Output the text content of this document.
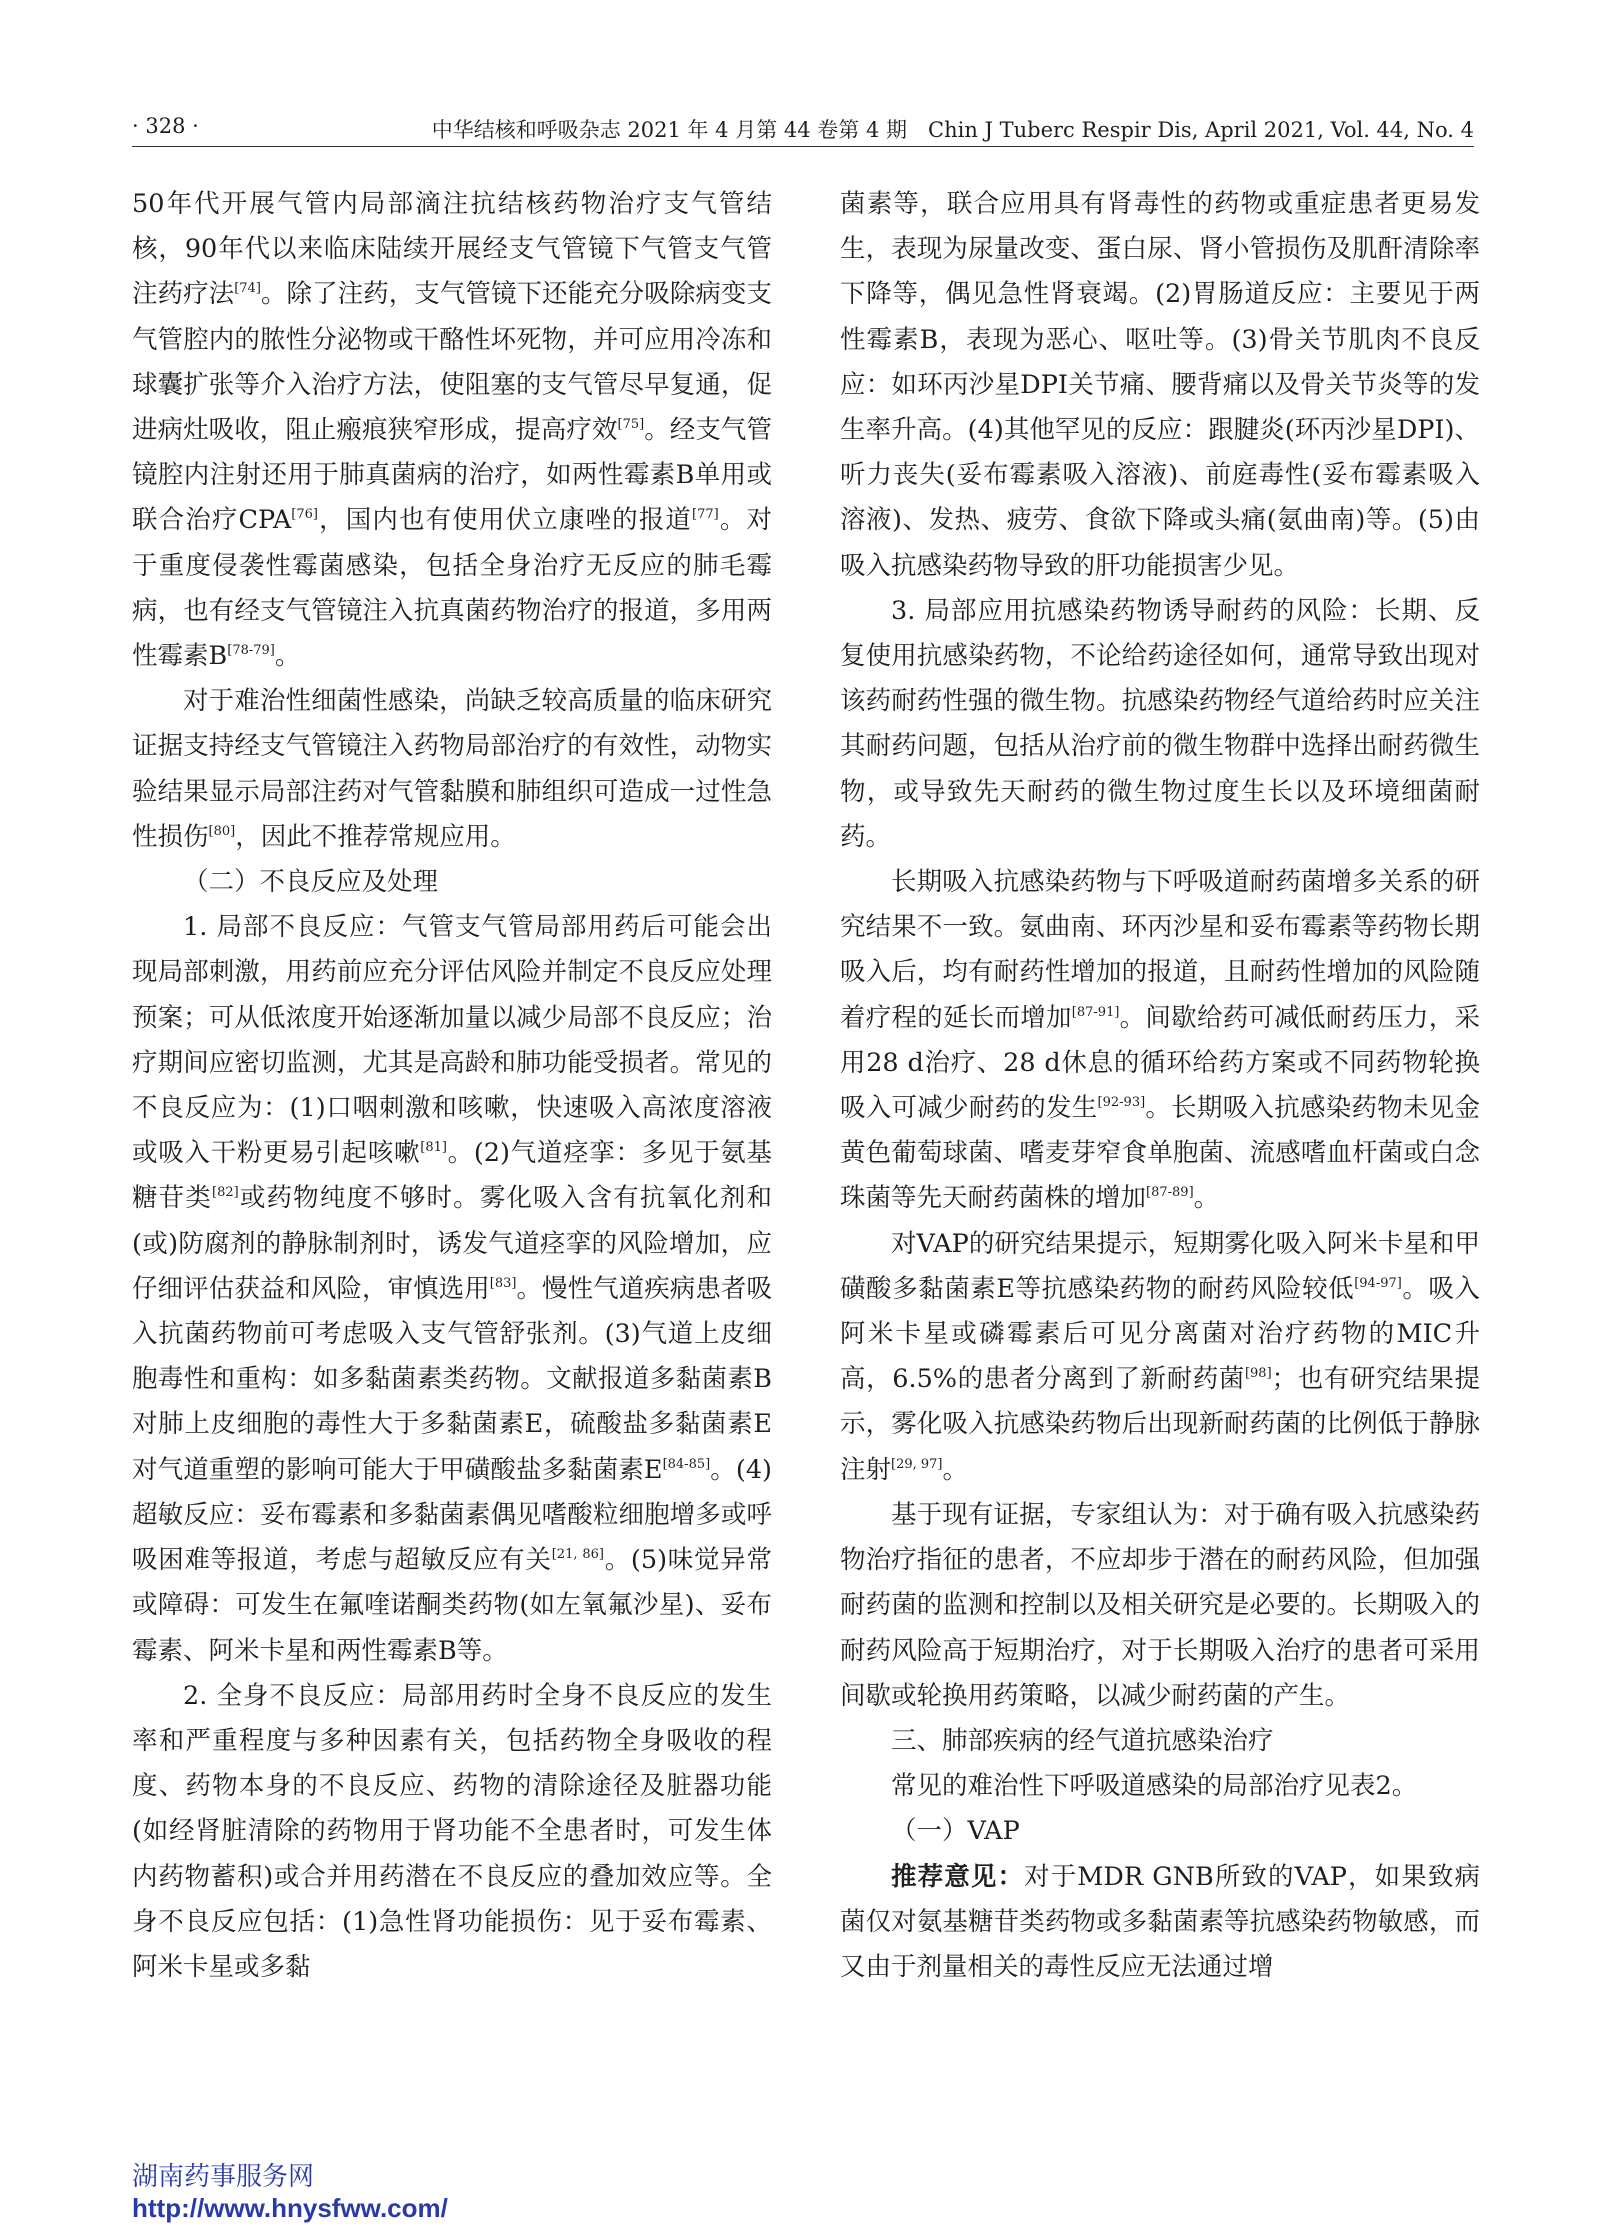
· 328 ·	中华结核和呼吸杂志 2021 年 4 月第 44 卷第 4 期　Chin J Tuberc Respir Dis, April 2021, Vol. 44, No. 4

50年代开展气管内局部滴注抗结核药物治疗支气管结核，90年代以来临床陆续开展经支气管镜下气管支气管注药疗法[74]。除了注药，支气管镜下还能充分吸除病变支气管腔内的脓性分泌物或干酪性坏死物，并可应用冷冻和球囊扩张等介入治疗方法，使阻塞的支气管尽早复通，促进病灶吸收，阻止瘢痕狭窄形成，提高疗效[75]。经支气管镜腔内注射还用于肺真菌病的治疗，如两性霉素B单用或联合治疗CPA[76]，国内也有使用伏立康唑的报道[77]。对于重度侵袭性霉菌感染，包括全身治疗无反应的肺毛霉病，也有经支气管镜注入抗真菌药物治疗的报道，多用两性霉素B[78-79]。

对于难治性细菌性感染，尚缺乏较高质量的临床研究证据支持经支气管镜注入药物局部治疗的有效性，动物实验结果显示局部注药对气管黏膜和肺组织可造成一过性急性损伤[80]，因此不推荐常规应用。

（二）不良反应及处理

1. 局部不良反应：气管支气管局部用药后可能会出现局部刺激，用药前应充分评估风险并制定不良反应处理预案；可从低浓度开始逐渐加量以减少局部不良反应；治疗期间应密切监测，尤其是高龄和肺功能受损者。常见的不良反应为：(1)口咽刺激和咳嗽，快速吸入高浓度溶液或吸入干粉更易引起咳嗽[81]。(2)气道痉挛：多见于氨基糖苷类[82]或药物纯度不够时。雾化吸入含有抗氧化剂和(或)防腐剂的静脉制剂时，诱发气道痉挛的风险增加，应仔细评估获益和风险，审慎选用[83]。慢性气道疾病患者吸入抗菌药物前可考虑吸入支气管舒张剂。(3)气道上皮细胞毒性和重构：如多黏菌素类药物。文献报道多黏菌素B对肺上皮细胞的毒性大于多黏菌素E，硫酸盐多黏菌素E对气道重塑的影响可能大于甲磺酸盐多黏菌素E[84-85]。(4)超敏反应：妥布霉素和多黏菌素偶见嗜酸粒细胞增多或呼吸困难等报道，考虑与超敏反应有关[21, 86]。(5)味觉异常或障碍：可发生在氟喹诺酮类药物(如左氧氟沙星)、妥布霉素、阿米卡星和两性霉素B等。

2. 全身不良反应：局部用药时全身不良反应的发生率和严重程度与多种因素有关，包括药物全身吸收的程度、药物本身的不良反应、药物的清除途径及脏器功能(如经肾脏清除的药物用于肾功能不全患者时，可发生体内药物蓄积)或合并用药潜在不良反应的叠加效应等。全身不良反应包括：(1)急性肾功能损伤：见于妥布霉素、阿米卡星或多黏

菌素等，联合应用具有肾毒性的药物或重症患者更易发生，表现为尿量改变、蛋白尿、肾小管损伤及肌酐清除率下降等，偶见急性肾衰竭。(2)胃肠道反应：主要见于两性霉素B，表现为恶心、呕吐等。(3)骨关节肌肉不良反应：如环丙沙星DPI关节痛、腰背痛以及骨关节炎等的发生率升高。(4)其他罕见的反应：跟腱炎(环丙沙星DPI)、听力丧失(妥布霉素吸入溶液)、前庭毒性(妥布霉素吸入溶液)、发热、疲劳、食欲下降或头痛(氨曲南)等。(5)由吸入抗感染药物导致的肝功能损害少见。

3. 局部应用抗感染药物诱导耐药的风险：长期、反复使用抗感染药物，不论给药途径如何，通常导致出现对该药耐药性强的微生物。抗感染药物经气道给药时应关注其耐药问题，包括从治疗前的微生物群中选择出耐药微生物，或导致先天耐药的微生物过度生长以及环境细菌耐药。

长期吸入抗感染药物与下呼吸道耐药菌增多关系的研究结果不一致。氨曲南、环丙沙星和妥布霉素等药物长期吸入后，均有耐药性增加的报道，且耐药性增加的风险随着疗程的延长而增加[87-91]。间歇给药可减低耐药压力，采用28 d治疗、28 d休息的循环给药方案或不同药物轮换吸入可减少耐药的发生[92-93]。长期吸入抗感染药物未见金黄色葡萄球菌、嗜麦芽窄食单胞菌、流感嗜血杆菌或白念珠菌等先天耐药菌株的增加[87-89]。

对VAP的研究结果提示，短期雾化吸入阿米卡星和甲磺酸多黏菌素E等抗感染药物的耐药风险较低[94-97]。吸入阿米卡星或磷霉素后可见分离菌对治疗药物的MIC升高，6.5%的患者分离到了新耐药菌[98]；也有研究结果提示，雾化吸入抗感染药物后出现新耐药菌的比例低于静脉注射[29, 97]。

基于现有证据，专家组认为：对于确有吸入抗感染药物治疗指征的患者，不应却步于潜在的耐药风险，但加强耐药菌的监测和控制以及相关研究是必要的。长期吸入的耐药风险高于短期治疗，对于长期吸入治疗的患者可采用间歇或轮换用药策略，以减少耐药菌的产生。

三、肺部疾病的经气道抗感染治疗

常见的难治性下呼吸道感染的局部治疗见表2。

（一）VAP

推荐意见：对于MDR GNB所致的VAP，如果致病菌仅对氨基糖苷类药物或多黏菌素等抗感染药物敏感，而又由于剂量相关的毒性反应无法通过增

湖南药事服务网
http://www.hnysfww.com/
